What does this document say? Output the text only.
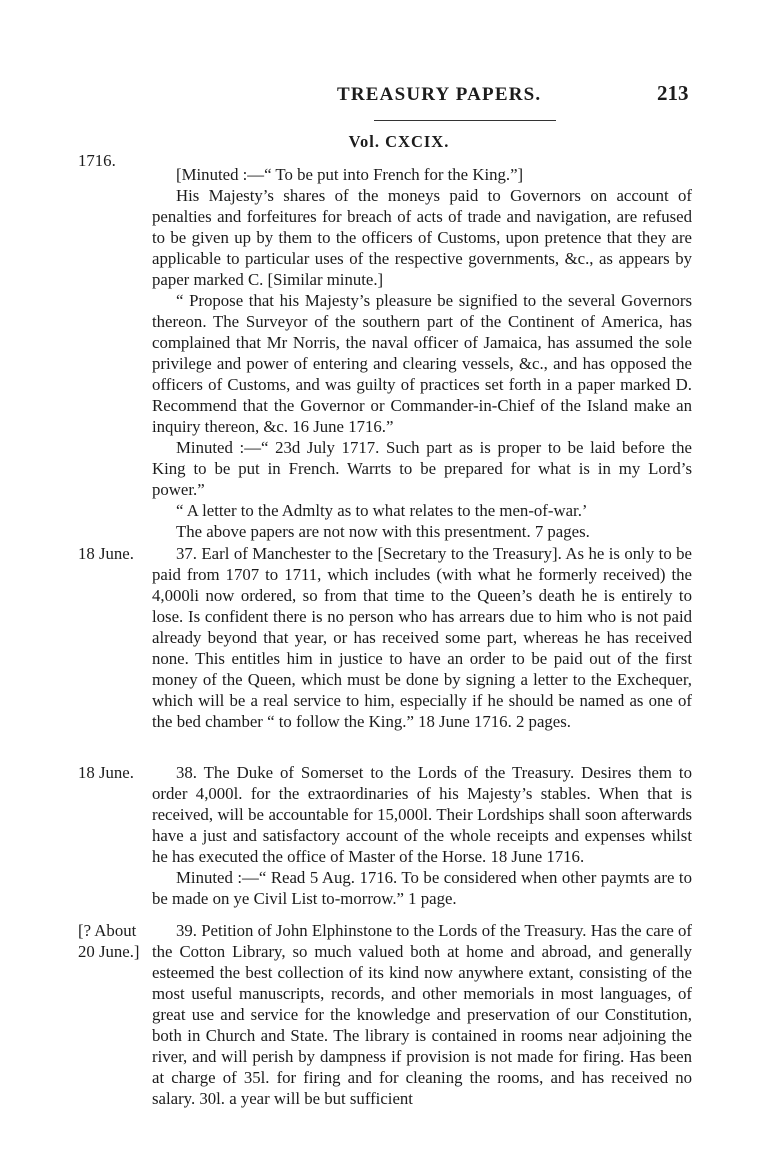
TREASURY PAPERS.	213
Vol. CXCIX.
1716.

[Minuted :—“ To be put into French for the King.”]

His Majesty’s shares of the moneys paid to Governors on account of penalties and forfeitures for breach of acts of trade and navigation, are refused to be given up by them to the officers of Customs, upon pretence that they are applicable to particular uses of the respective governments, &c., as appears by paper marked C. [Similar minute.]

“ Propose that his Majesty’s pleasure be signified to the several Governors thereon. The Surveyor of the southern part of the Continent of America, has complained that Mr Norris, the naval officer of Jamaica, has assumed the sole privilege and power of entering and clearing vessels, &c., and has opposed the officers of Customs, and was guilty of practices set forth in a paper marked D. Recommend that the Governor or Commander-in-Chief of the Island make an inquiry thereon, &c. 16 June 1716.”

Minuted :—“ 23d July 1717. Such part as is proper to be laid before the King to be put in French. Warrts to be prepared for what is in my Lord’s power.”

“ A letter to the Admlty as to what relates to the men-of-war.’

The above papers are not now with this presentment. 7 pages.

18 June.	37. Earl of Manchester to the [Secretary to the Treasury]. As he is only to be paid from 1707 to 1711, which includes (with what he formerly received) the 4,000li now ordered, so from that time to the Queen’s death he is entirely to lose. Is confident there is no person who has arrears due to him who is not paid already beyond that year, or has received some part, whereas he has received none. This entitles him in justice to have an order to be paid out of the first money of the Queen, which must be done by signing a letter to the Exchequer, which will be a real service to him, especially if he should be named as one of the bed chamber “ to follow the King.” 18 June 1716. 2 pages.

18 June.	38. The Duke of Somerset to the Lords of the Treasury. Desires them to order 4,000l. for the extraordinaries of his Majesty’s stables. When that is received, will be accountable for 15,000l. Their Lordships shall soon afterwards have a just and satisfactory account of the whole receipts and expenses whilst he has executed the office of Master of the Horse. 18 June 1716.

Minuted :—“ Read 5 Aug. 1716. To be considered when other paymts are to be made on ye Civil List to-morrow.” 1 page.

[? About 20 June.]

39. Petition of John Elphinstone to the Lords of the Treasury. Has the care of the Cotton Library, so much valued both at home and abroad, and generally esteemed the best collection of its kind now anywhere extant, consisting of the most useful manuscripts, records, and other memorials in most languages, of great use and service for the knowledge and preservation of our Constitution, both in Church and State. The library is contained in rooms near adjoining the river, and will perish by dampness if provision is not made for firing. Has been at charge of 35l. for firing and for cleaning the rooms, and has received no salary. 30l. a year will be but sufficient
